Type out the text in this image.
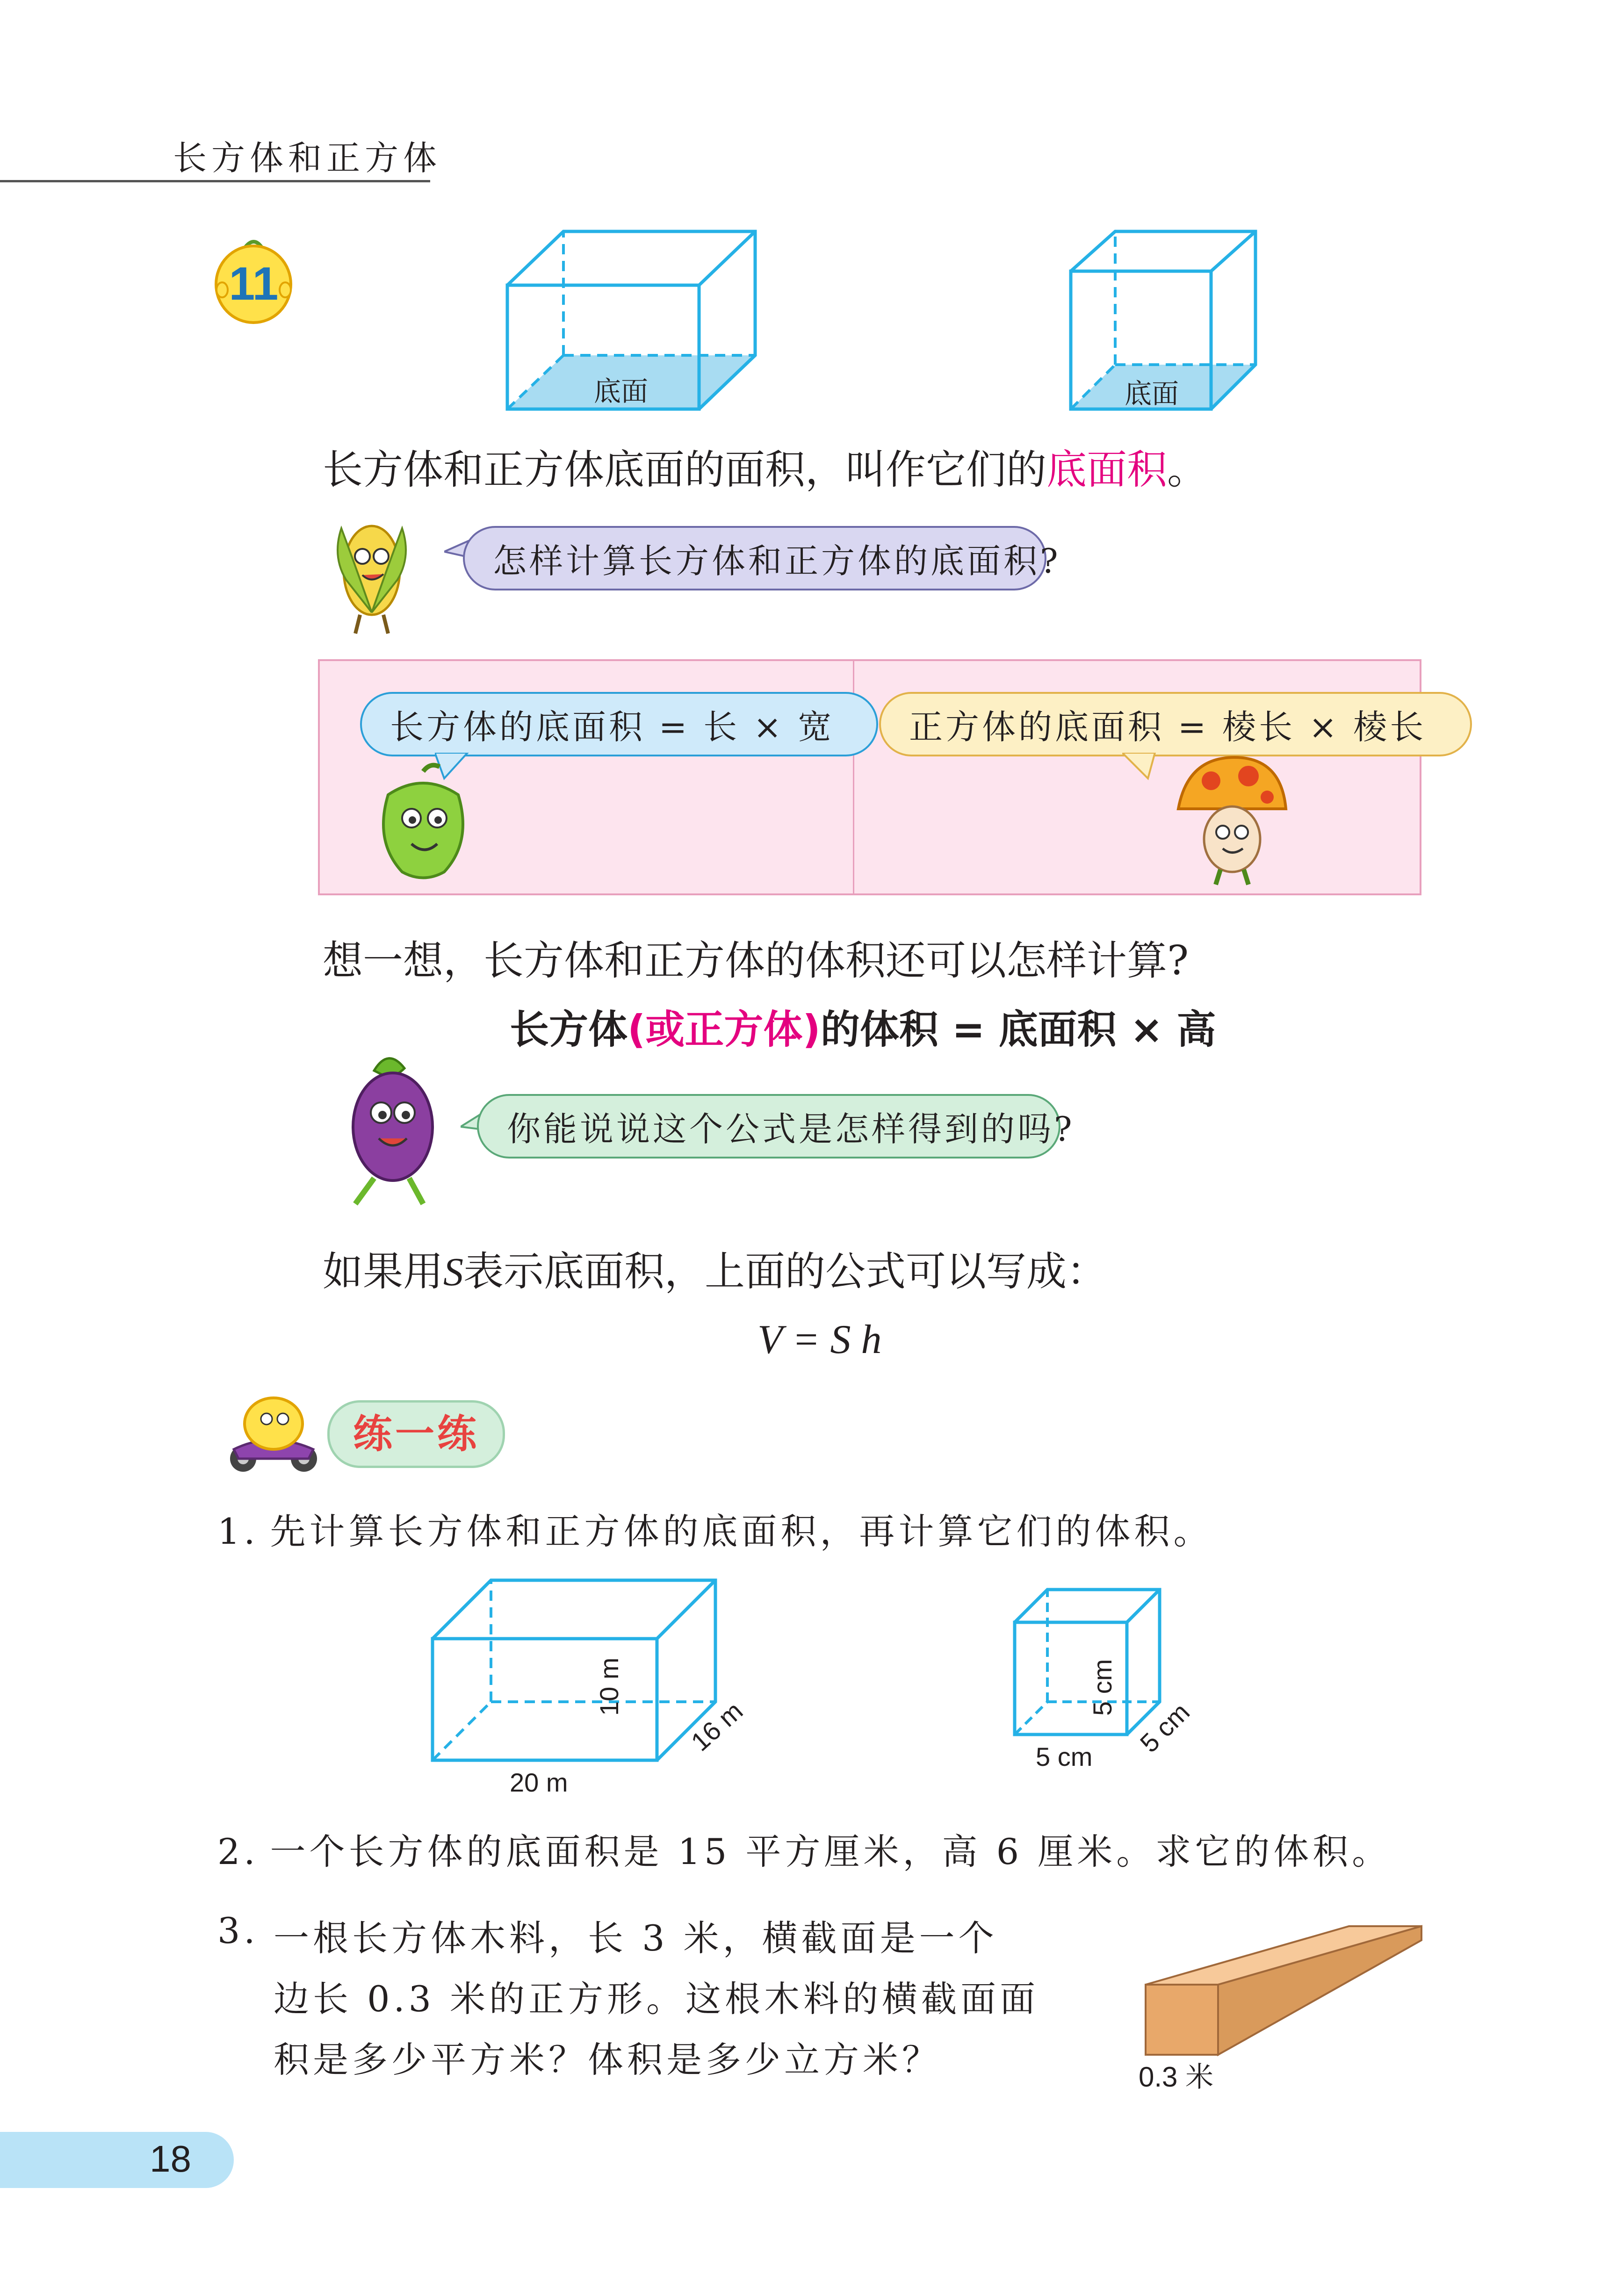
长方体和正方体
11
底面	底面
长方体和正方体底面的面积，叫作它们的底面积。
怎样计算长方体和正方体的底面积?
长方体的底面积 = 长 × 宽	正方体的底面积 = 棱长 × 棱长
想一想，长方体和正方体的体积还可以怎样计算?
长方体(或正方体)的体积 = 底面积 × 高
你能说说这个公式是怎样得到的吗?
如果用S表示底面积，上面的公式可以写成：
V = S h
练一练
1. 先计算长方体和正方体的底面积，再计算它们的体积。
20 m
10 m
16 m	5 cm
5 cm
5 cm
2. 一个长方体的底面积是 15 平方厘米，高 6 厘米。求它的体积。
3. 一根长方体木料，长 3 米，横截面是一个
边长 0.3 米的正方形。这根木料的横截面面
积是多少平方米？体积是多少立方米？	0.3 米
18
